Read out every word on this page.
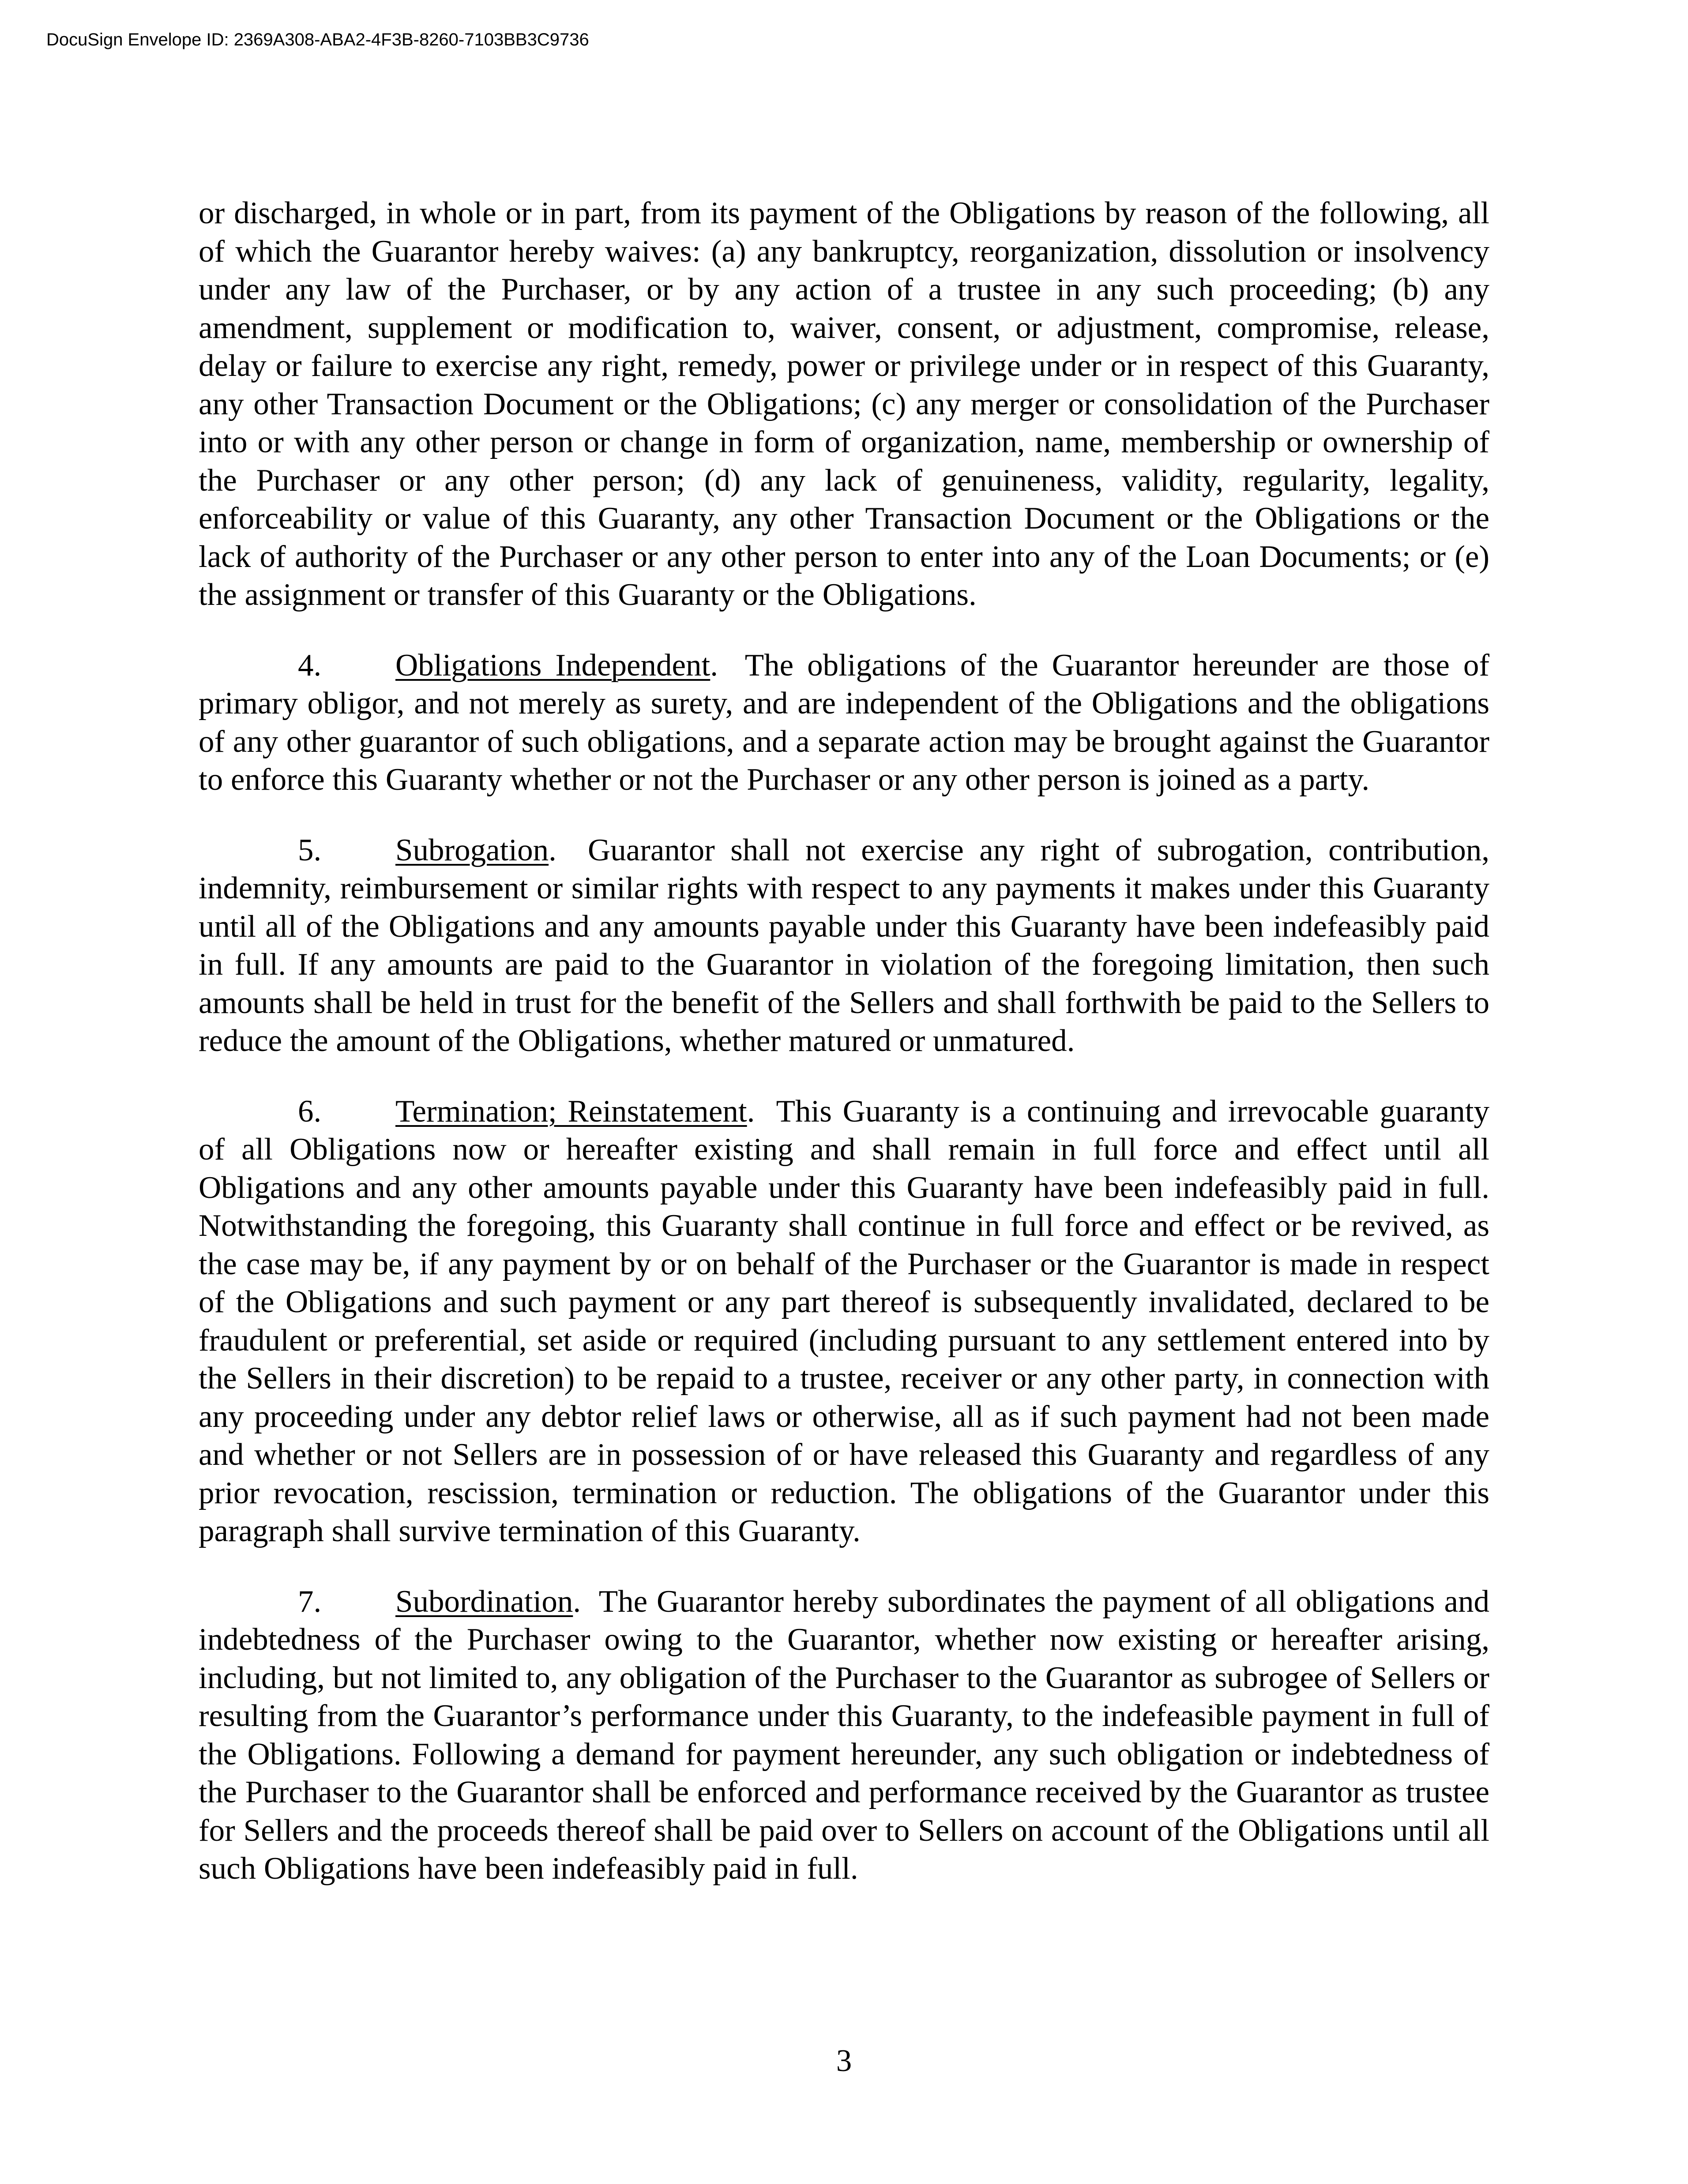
DocuSign Envelope ID: 2369A308-ABA2-4F3B-8260-7103BB3C9736

or discharged, in whole or in part, from its payment of the Obligations by reason of the following, all of which the Guarantor hereby waives: (a) any bankruptcy, reorganization, dissolution or insolvency under any law of the Purchaser, or by any action of a trustee in any such proceeding; (b) any amendment, supplement or modification to, waiver, consent, or adjustment, compromise, release, delay or failure to exercise any right, remedy, power or privilege under or in respect of this Guaranty, any other Transaction Document or the Obligations; (c) any merger or consolidation of the Purchaser into or with any other person or change in form of organization, name, membership or ownership of the Purchaser or any other person; (d) any lack of genuineness, validity, regularity, legality, enforceability or value of this Guaranty, any other Transaction Document or the Obligations or the lack of authority of the Purchaser or any other person to enter into any of the Loan Documents; or (e) the assignment or transfer of this Guaranty or the Obligations.

4. Obligations Independent.  The obligations of the Guarantor hereunder are those of primary obligor, and not merely as surety, and are independent of the Obligations and the obligations of any other guarantor of such obligations, and a separate action may be brought against the Guarantor to enforce this Guaranty whether or not the Purchaser or any other person is joined as a party.

5. Subrogation.  Guarantor shall not exercise any right of subrogation, contribution, indemnity, reimbursement or similar rights with respect to any payments it makes under this Guaranty until all of the Obligations and any amounts payable under this Guaranty have been indefeasibly paid in full. If any amounts are paid to the Guarantor in violation of the foregoing limitation, then such amounts shall be held in trust for the benefit of the Sellers and shall forthwith be paid to the Sellers to reduce the amount of the Obligations, whether matured or unmatured.

6. Termination; Reinstatement.  This Guaranty is a continuing and irrevocable guaranty of all Obligations now or hereafter existing and shall remain in full force and effect until all Obligations and any other amounts payable under this Guaranty have been indefeasibly paid in full. Notwithstanding the foregoing, this Guaranty shall continue in full force and effect or be revived, as the case may be, if any payment by or on behalf of the Purchaser or the Guarantor is made in respect of the Obligations and such payment or any part thereof is subsequently invalidated, declared to be fraudulent or preferential, set aside or required (including pursuant to any settlement entered into by the Sellers in their discretion) to be repaid to a trustee, receiver or any other party, in connection with any proceeding under any debtor relief laws or otherwise, all as if such payment had not been made and whether or not Sellers are in possession of or have released this Guaranty and regardless of any prior revocation, rescission, termination or reduction. The obligations of the Guarantor under this paragraph shall survive termination of this Guaranty.

7. Subordination.  The Guarantor hereby subordinates the payment of all obligations and indebtedness of the Purchaser owing to the Guarantor, whether now existing or hereafter arising, including, but not limited to, any obligation of the Purchaser to the Guarantor as subrogee of Sellers or resulting from the Guarantor’s performance under this Guaranty, to the indefeasible payment in full of the Obligations. Following a demand for payment hereunder, any such obligation or indebtedness of the Purchaser to the Guarantor shall be enforced and performance received by the Guarantor as trustee for Sellers and the proceeds thereof shall be paid over to Sellers on account of the Obligations until all such Obligations have been indefeasibly paid in full.

3
